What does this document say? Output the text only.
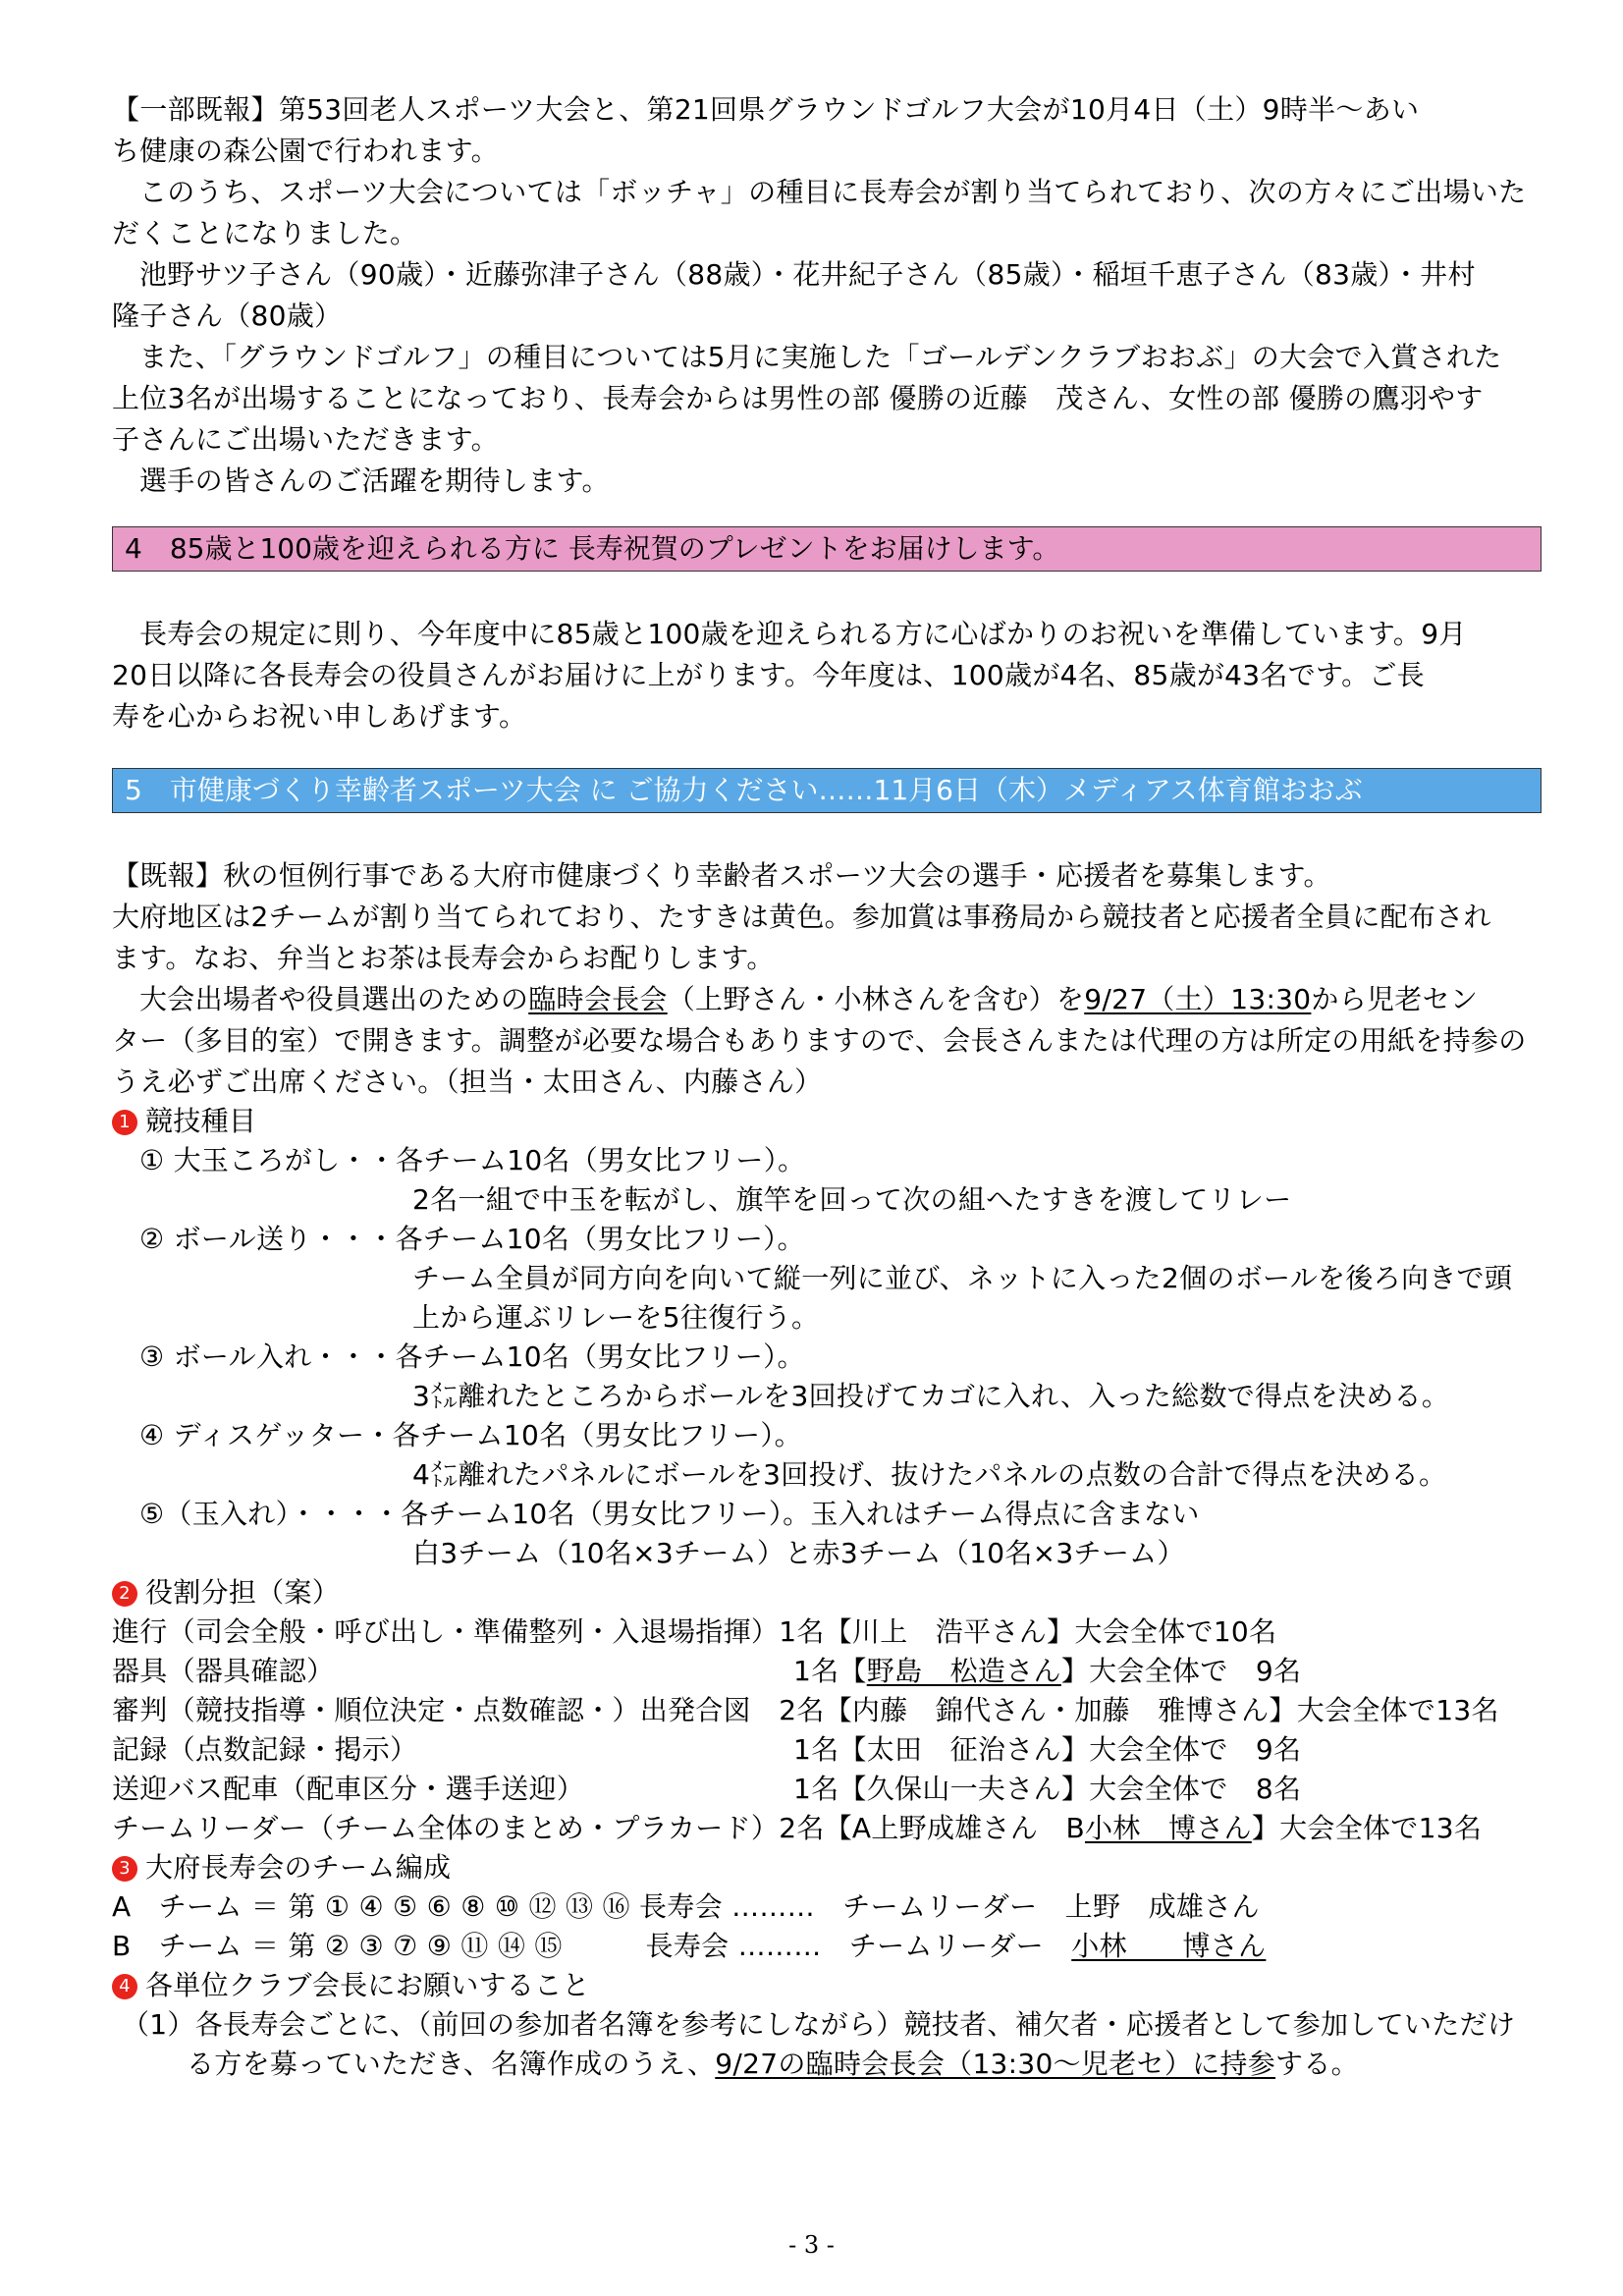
【一部既報】第53回老人スポーツ大会と、第21回県グラウンドゴルフ大会が10月4日（土）9時半～あい
ち健康の森公園で行われます。
このうち、スポーツ大会については「ボッチャ」の種目に長寿会が割り当てられており、次の方々にご出場いた
だくことになりました。
池野サツ子さん（90歳）・近藤弥津子さん（88歳）・花井紀子さん（85歳）・稲垣千恵子さん（83歳）・井村
隆子さん（80歳）
また、「グラウンドゴルフ」の種目については5月に実施した「ゴールデンクラブおおぶ」の大会で入賞された
上位3名が出場することになっており、長寿会からは男性の部 優勝の近藤　茂さん、女性の部 優勝の鷹羽やす
子さんにご出場いただきます。
選手の皆さんのご活躍を期待します。
4　85歳と100歳を迎えられる方に 長寿祝賀のプレゼントをお届けします。
長寿会の規定に則り、今年度中に85歳と100歳を迎えられる方に心ばかりのお祝いを準備しています。9月
20日以降に各長寿会の役員さんがお届けに上がります。今年度は、100歳が4名、85歳が43名です。ご長
寿を心からお祝い申しあげます。
5　市健康づくり幸齢者スポーツ大会 に ご協力ください……11月6日（木）メディアス体育館おおぶ
【既報】秋の恒例行事である大府市健康づくり幸齢者スポーツ大会の選手・応援者を募集します。
大府地区は2チームが割り当てられており、たすきは黄色。参加賞は事務局から競技者と応援者全員に配布され
ます。なお、弁当とお茶は長寿会からお配りします。
大会出場者や役員選出のための臨時会長会（上野さん・小林さんを含む）を9/27（土）13:30から児老セン
ター（多目的室）で開きます。調整が必要な場合もありますので、会長さんまたは代理の方は所定の用紙を持参の
うえ必ずご出席ください。（担当・太田さん、内藤さん）
1 競技種目
① 大玉ころがし・・各チーム10名（男女比フリー）。
2名一組で中玉を転がし、旗竿を回って次の組へたすきを渡してリレー
② ボール送り・・・各チーム10名（男女比フリー）。
チーム全員が同方向を向いて縦一列に並び、ネットに入った2個のボールを後ろ向きで頭
上から運ぶリレーを5往復行う。
③ ボール入れ・・・各チーム10名（男女比フリー）。
3㍍離れたところからボールを3回投げてカゴに入れ、入った総数で得点を決める。
④ ディスゲッター・各チーム10名（男女比フリー）。
4㍍離れたパネルにボールを3回投げ、抜けたパネルの点数の合計で得点を決める。
⑤（玉入れ）・・・・各チーム10名（男女比フリー）。玉入れはチーム得点に含まない
白3チーム（10名×3チーム）と赤3チーム（10名×3チーム）
2 役割分担（案）
進行（司会全般・呼び出し・準備整列・入退場指揮）1名【川上　浩平さん】大会全体で10名
器具（器具確認）	1名【野島　松造さん】大会全体で　9名
審判（競技指導・順位決定・点数確認・）出発合図　2名【内藤　錦代さん・加藤　雅博さん】大会全体で13名
記録（点数記録・掲示）	1名【太田　征治さん】大会全体で　9名
送迎バス配車（配車区分・選手送迎）	1名【久保山一夫さん】大会全体で　8名
チームリーダー（チーム全体のまとめ・プラカード）2名【A上野成雄さん　B小林　博さん】大会全体で13名
3 大府長寿会のチーム編成
A　チーム ＝ 第 ① ④ ⑤ ⑥ ⑧ ⑩ ⑫ ⑬ ⑯ 長寿会 ………　チームリーダー　上野　成雄さん
B　チーム ＝ 第 ② ③ ⑦ ⑨ ⑪ ⑭ ⑮　　　長寿会 ………　チームリーダー　小林　　博さん
4 各単位クラブ会長にお願いすること
（1）各長寿会ごとに、（前回の参加者名簿を参考にしながら）競技者、補欠者・応援者として参加していただけ
る方を募っていただき、名簿作成のうえ、9/27の臨時会長会（13:30～児老セ）に持参する。
- 3 -
